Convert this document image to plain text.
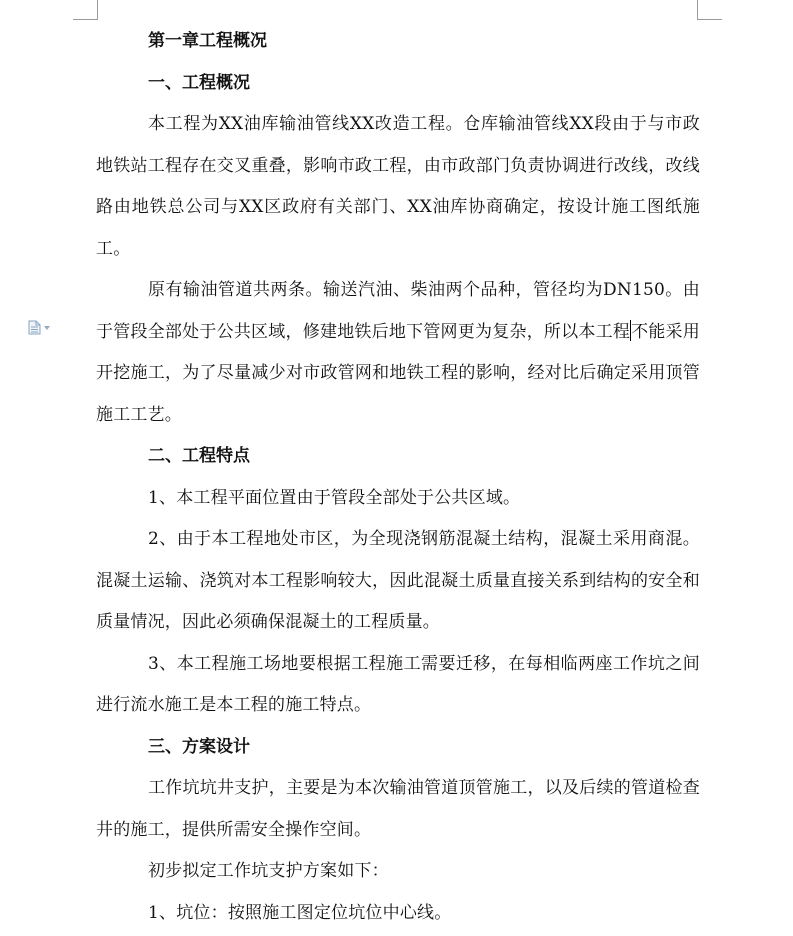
第一章工程概况

一、工程概况

本工程为XX油库输油管线XX改造工程。仓库输油管线XX段由于与市政地铁站工程存在交叉重叠，影响市政工程，由市政部门负责协调进行改线，改线路由地铁总公司与XX区政府有关部门、XX油库协商确定，按设计施工图纸施工。

原有输油管道共两条。输送汽油、柴油两个品种，管径均为DN150。由于管段全部处于公共区域，修建地铁后地下管网更为复杂，所以本工程不能采用开挖施工，为了尽量减少对市政管网和地铁工程的影响，经对比后确定采用顶管施工工艺。

二、工程特点

1、本工程平面位置由于管段全部处于公共区域。

2、由于本工程地处市区，为全现浇钢筋混凝土结构，混凝土采用商混。混凝土运输、浇筑对本工程影响较大，因此混凝土质量直接关系到结构的安全和质量情况，因此必须确保混凝土的工程质量。

3、本工程施工场地要根据工程施工需要迁移，在每相临两座工作坑之间进行流水施工是本工程的施工特点。

三、方案设计

工作坑坑井支护，主要是为本次输油管道顶管施工，以及后续的管道检查井的施工，提供所需安全操作空间。

初步拟定工作坑支护方案如下：

1、坑位：按照施工图定位坑位中心线。
